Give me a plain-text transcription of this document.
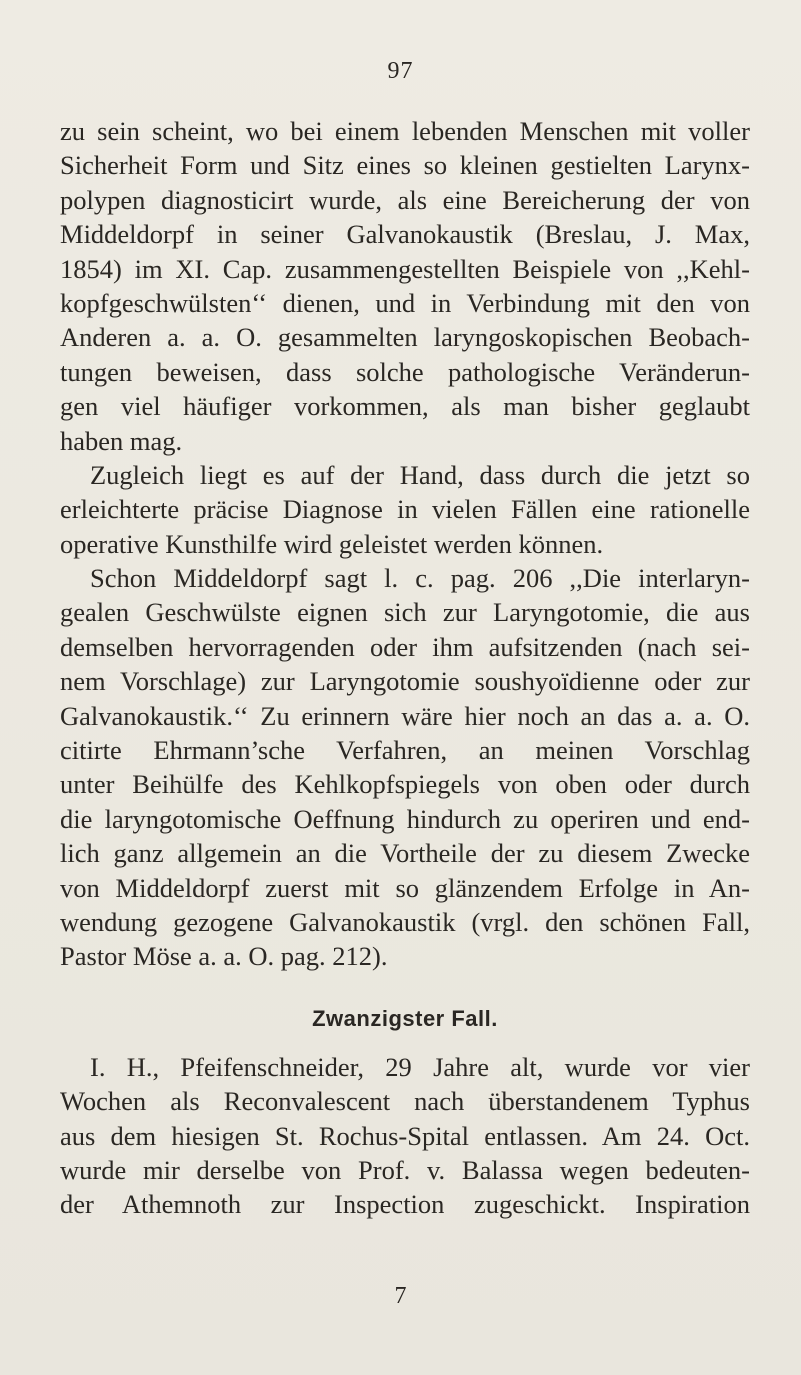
97
zu sein scheint, wo bei einem lebenden Menschen mit voller
Sicherheit Form und Sitz eines so kleinen gestielten Larynx-
polypen diagnosticirt wurde, als eine Bereicherung der von
Middeldorpf in seiner Galvanokaustik (Breslau, J. Max,
1854) im XI. Cap. zusammengestellten Beispiele von ,,Kehl-
kopfgeschwülsten‘‘ dienen, und in Verbindung mit den von
Anderen a. a. O. gesammelten laryngoskopischen Beobach-
tungen beweisen, dass solche pathologische Veränderun-
gen viel häufiger vorkommen, als man bisher geglaubt
haben mag.
Zugleich liegt es auf der Hand, dass durch die jetzt so
erleichterte präcise Diagnose in vielen Fällen eine rationelle
operative Kunsthilfe wird geleistet werden können.
Schon Middeldorpf sagt l. c. pag. 206 ,,Die interlaryn-
gealen Geschwülste eignen sich zur Laryngotomie, die aus
demselben hervorragenden oder ihm aufsitzenden (nach sei-
nem Vorschlage) zur Laryngotomie soushyoïdienne oder zur
Galvanokaustik.‘‘ Zu erinnern wäre hier noch an das a. a. O.
citirte Ehrmann’sche Verfahren, an meinen Vorschlag
unter Beihülfe des Kehlkopfspiegels von oben oder durch
die laryngotomische Oeffnung hindurch zu operiren und end-
lich ganz allgemein an die Vortheile der zu diesem Zwecke
von Middeldorpf zuerst mit so glänzendem Erfolge in An-
wendung gezogene Galvanokaustik (vrgl. den schönen Fall,
Pastor Möse a. a. O. pag. 212).
Zwanzigster Fall.
I. H., Pfeifenschneider, 29 Jahre alt, wurde vor vier
Wochen als Reconvalescent nach überstandenem Typhus
aus dem hiesigen St. Rochus-Spital entlassen. Am 24. Oct.
wurde mir derselbe von Prof. v. Balassa wegen bedeuten-
der Athemnoth zur Inspection zugeschickt. Inspiration
7
